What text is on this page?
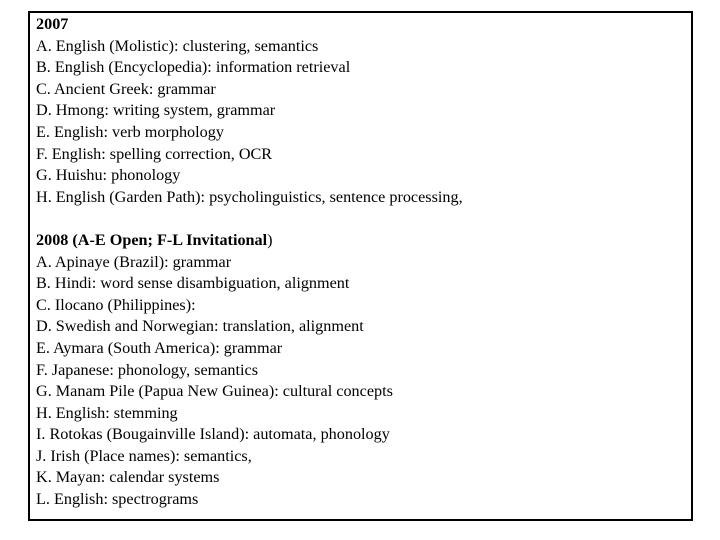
2007
A. English (Molistic): clustering, semantics
B. English (Encyclopedia): information retrieval
C. Ancient Greek: grammar
D. Hmong: writing system, grammar
E. English: verb morphology
F. English: spelling correction, OCR
G. Huishu: phonology
H. English (Garden Path): psycholinguistics, sentence processing,
2008 (A-E Open; F-L Invitational)
A. Apinaye (Brazil): grammar
B. Hindi: word sense disambiguation, alignment
C. Ilocano (Philippines):
D. Swedish and Norwegian: translation, alignment
E. Aymara (South America): grammar
F. Japanese: phonology, semantics
G. Manam Pile (Papua New Guinea): cultural concepts
H. English: stemming
I. Rotokas (Bougainville Island): automata, phonology
J. Irish (Place names): semantics,
K. Mayan: calendar systems
L. English: spectrograms
